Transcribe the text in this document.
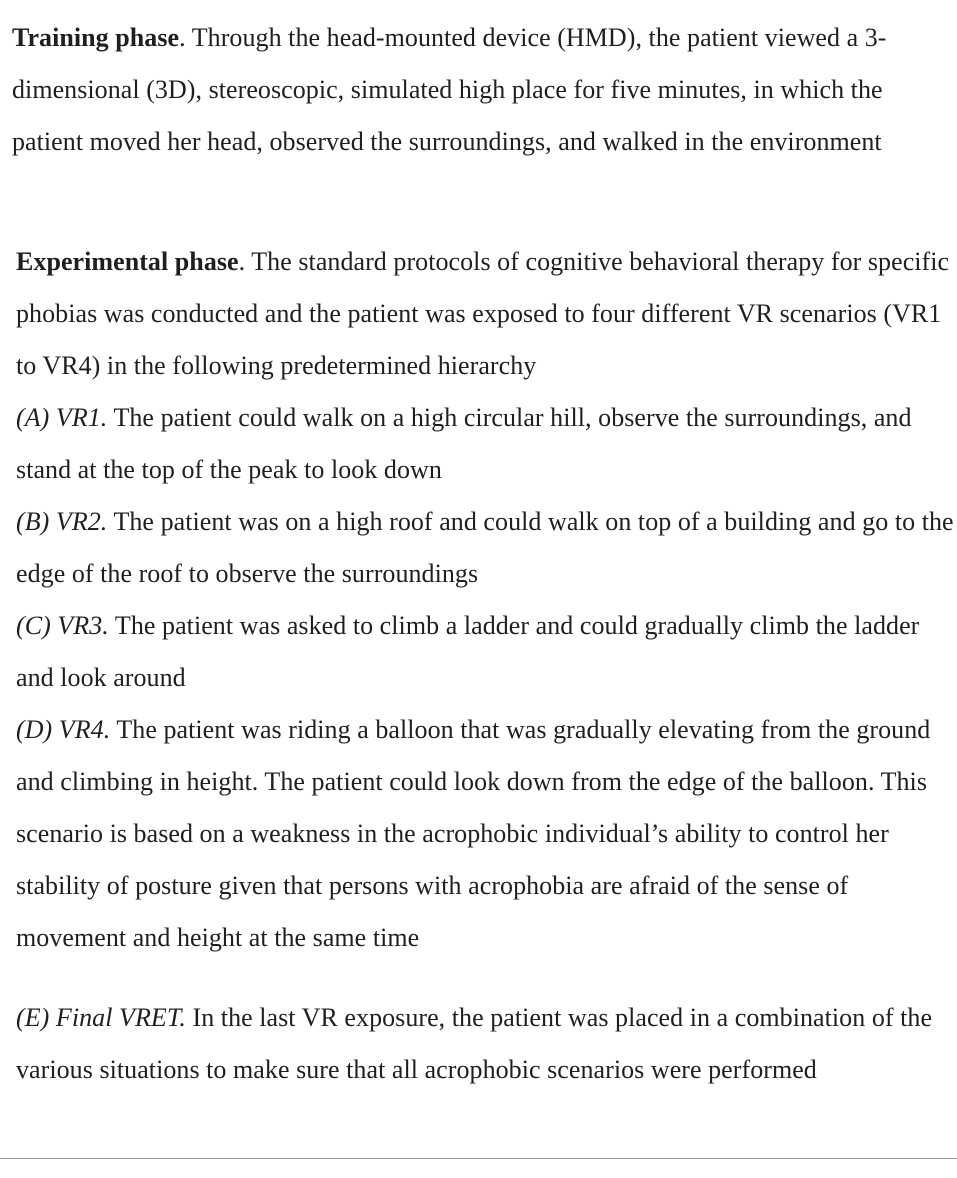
Training phase. Through the head-mounted device (HMD), the patient viewed a 3-dimensional (3D), stereoscopic, simulated high place for five minutes, in which the patient moved her head, observed the surroundings, and walked in the environment

Experimental phase. The standard protocols of cognitive behavioral therapy for specific phobias was conducted and the patient was exposed to four different VR scenarios (VR1 to VR4) in the following predetermined hierarchy

(A) VR1. The patient could walk on a high circular hill, observe the surroundings, and stand at the top of the peak to look down

(B) VR2. The patient was on a high roof and could walk on top of a building and go to the edge of the roof to observe the surroundings

(C) VR3. The patient was asked to climb a ladder and could gradually climb the ladder and look around

(D) VR4. The patient was riding a balloon that was gradually elevating from the ground and climbing in height. The patient could look down from the edge of the balloon. This scenario is based on a weakness in the acrophobic individual’s ability to control her stability of posture given that persons with acrophobia are afraid of the sense of movement and height at the same time

(E) Final VRET. In the last VR exposure, the patient was placed in a combination of the various situations to make sure that all acrophobic scenarios were performed
